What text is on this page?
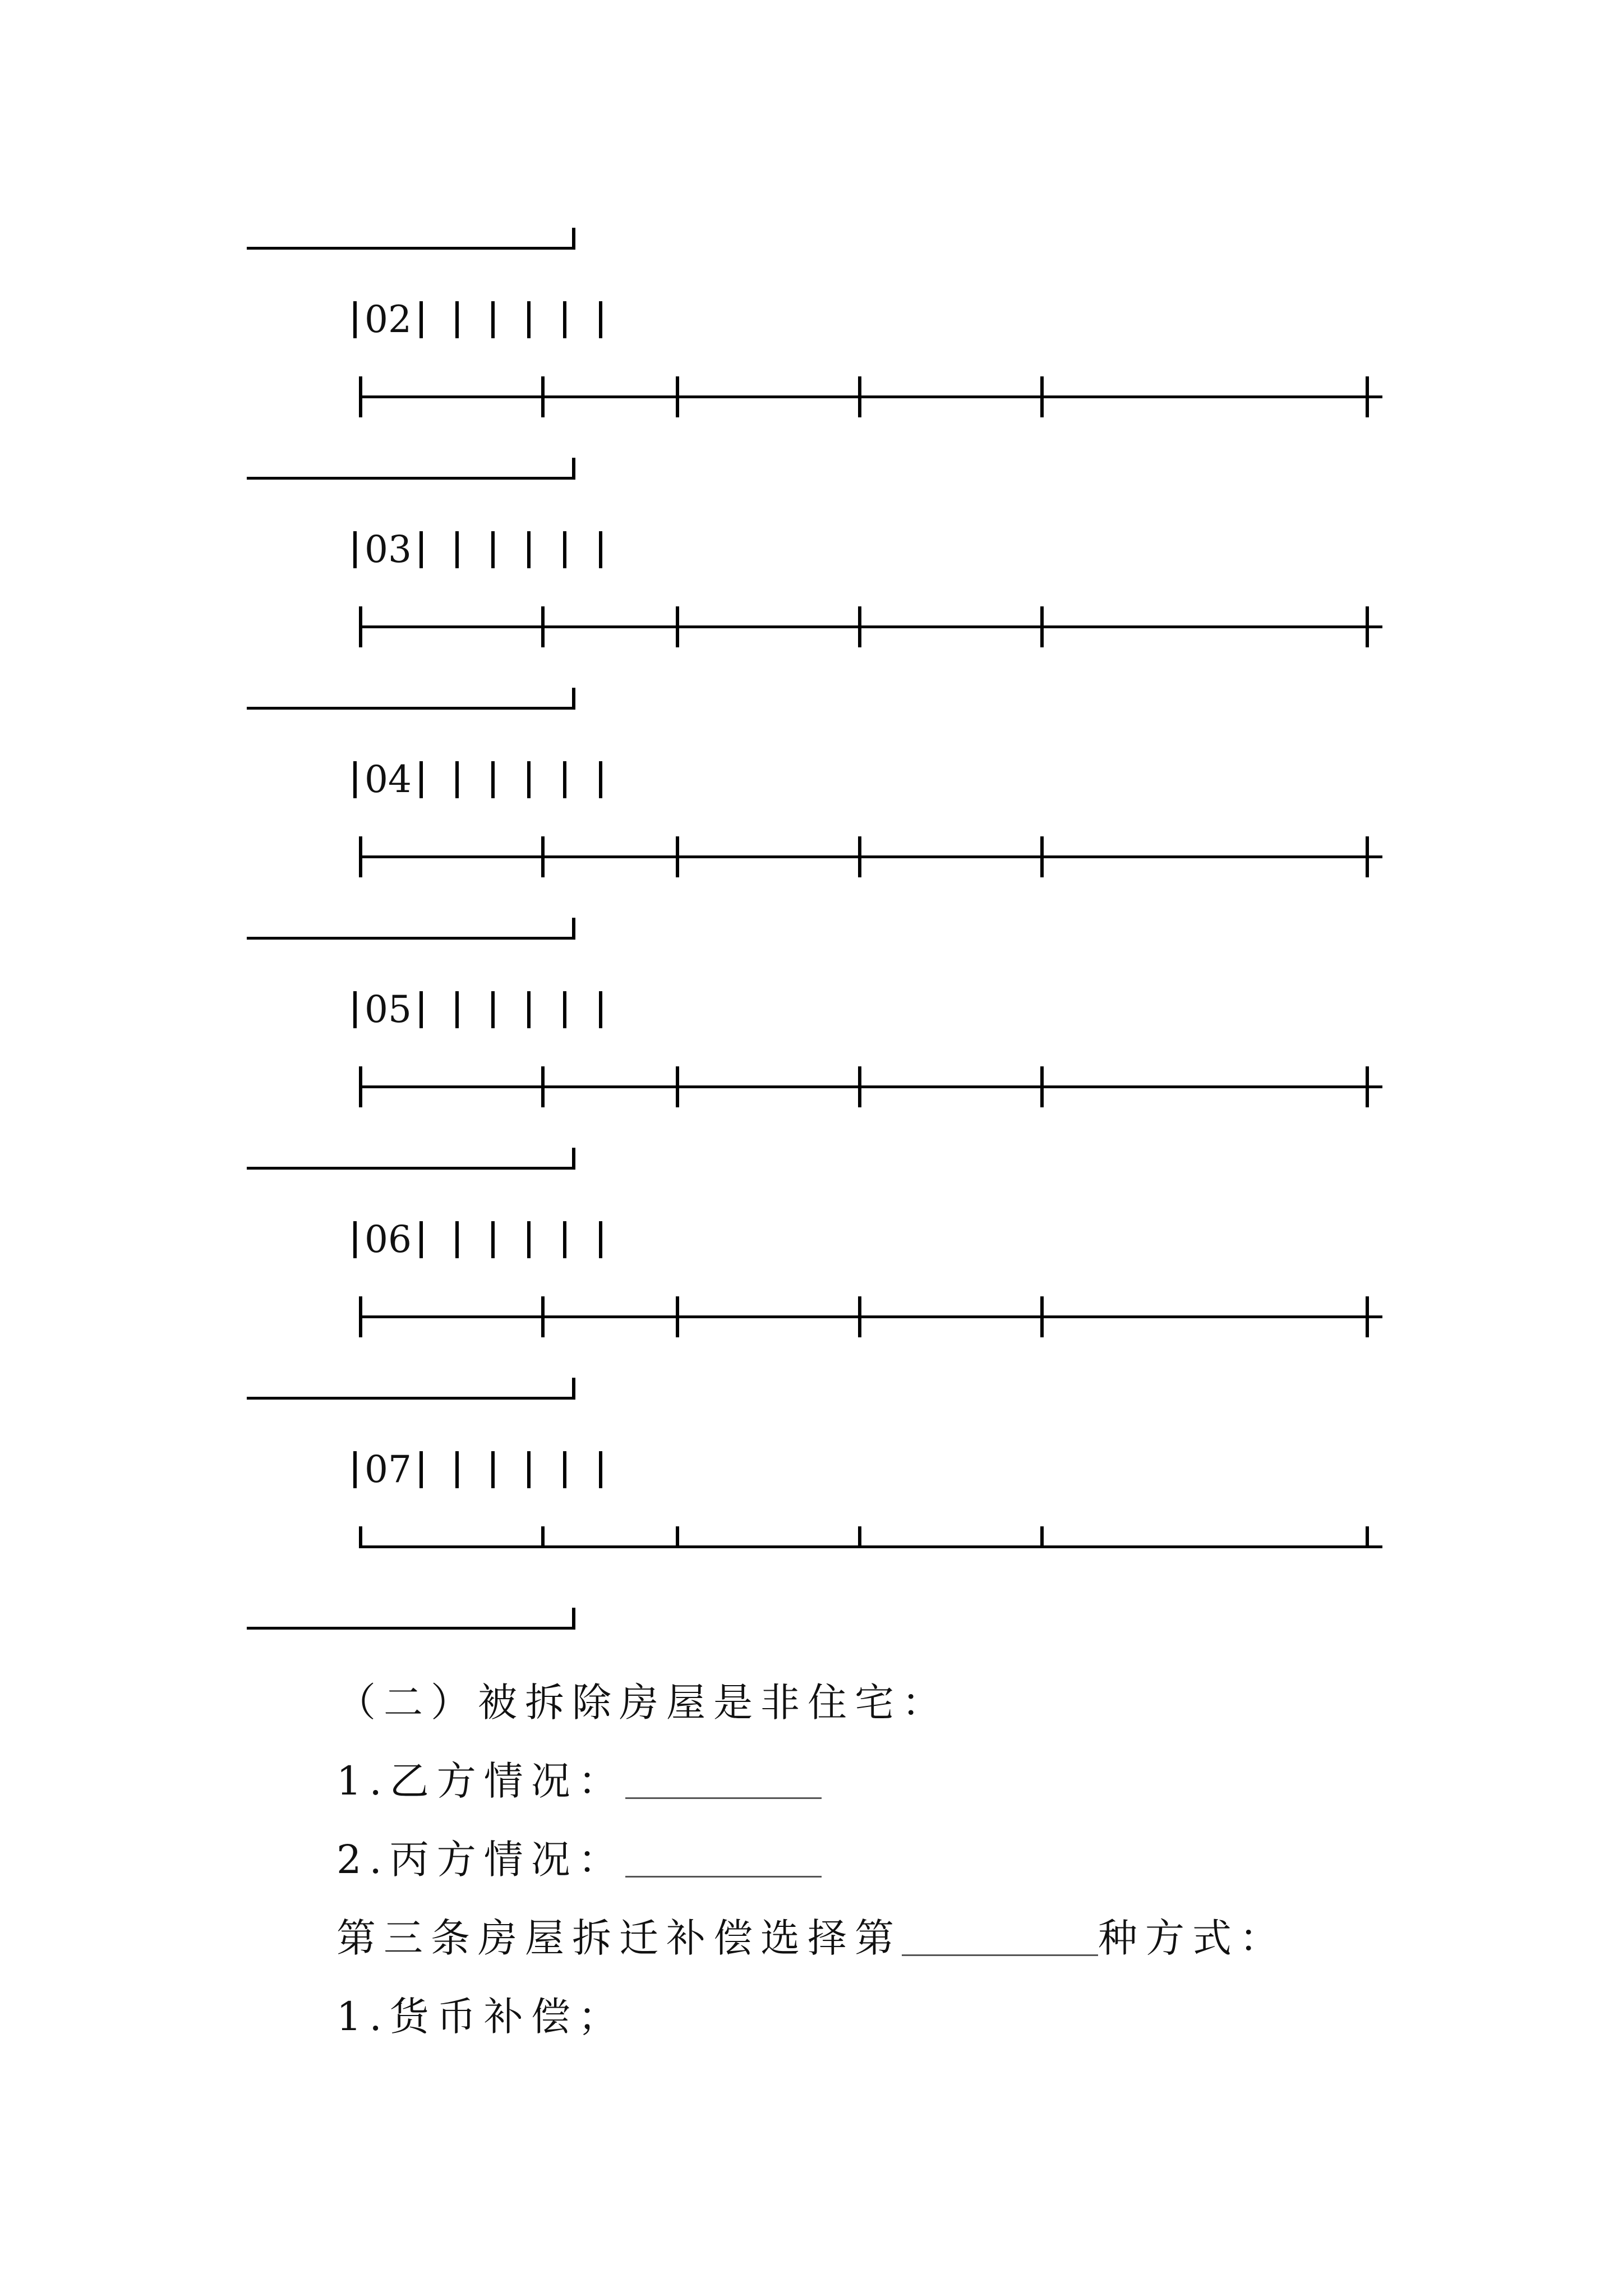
02
03
04
05
06
07
（二）被拆除房屋是非住宅：
1.乙方情况：
2.丙方情况：
第三条房屋拆迁补偿选择第	种方式：
1.货币补偿；
